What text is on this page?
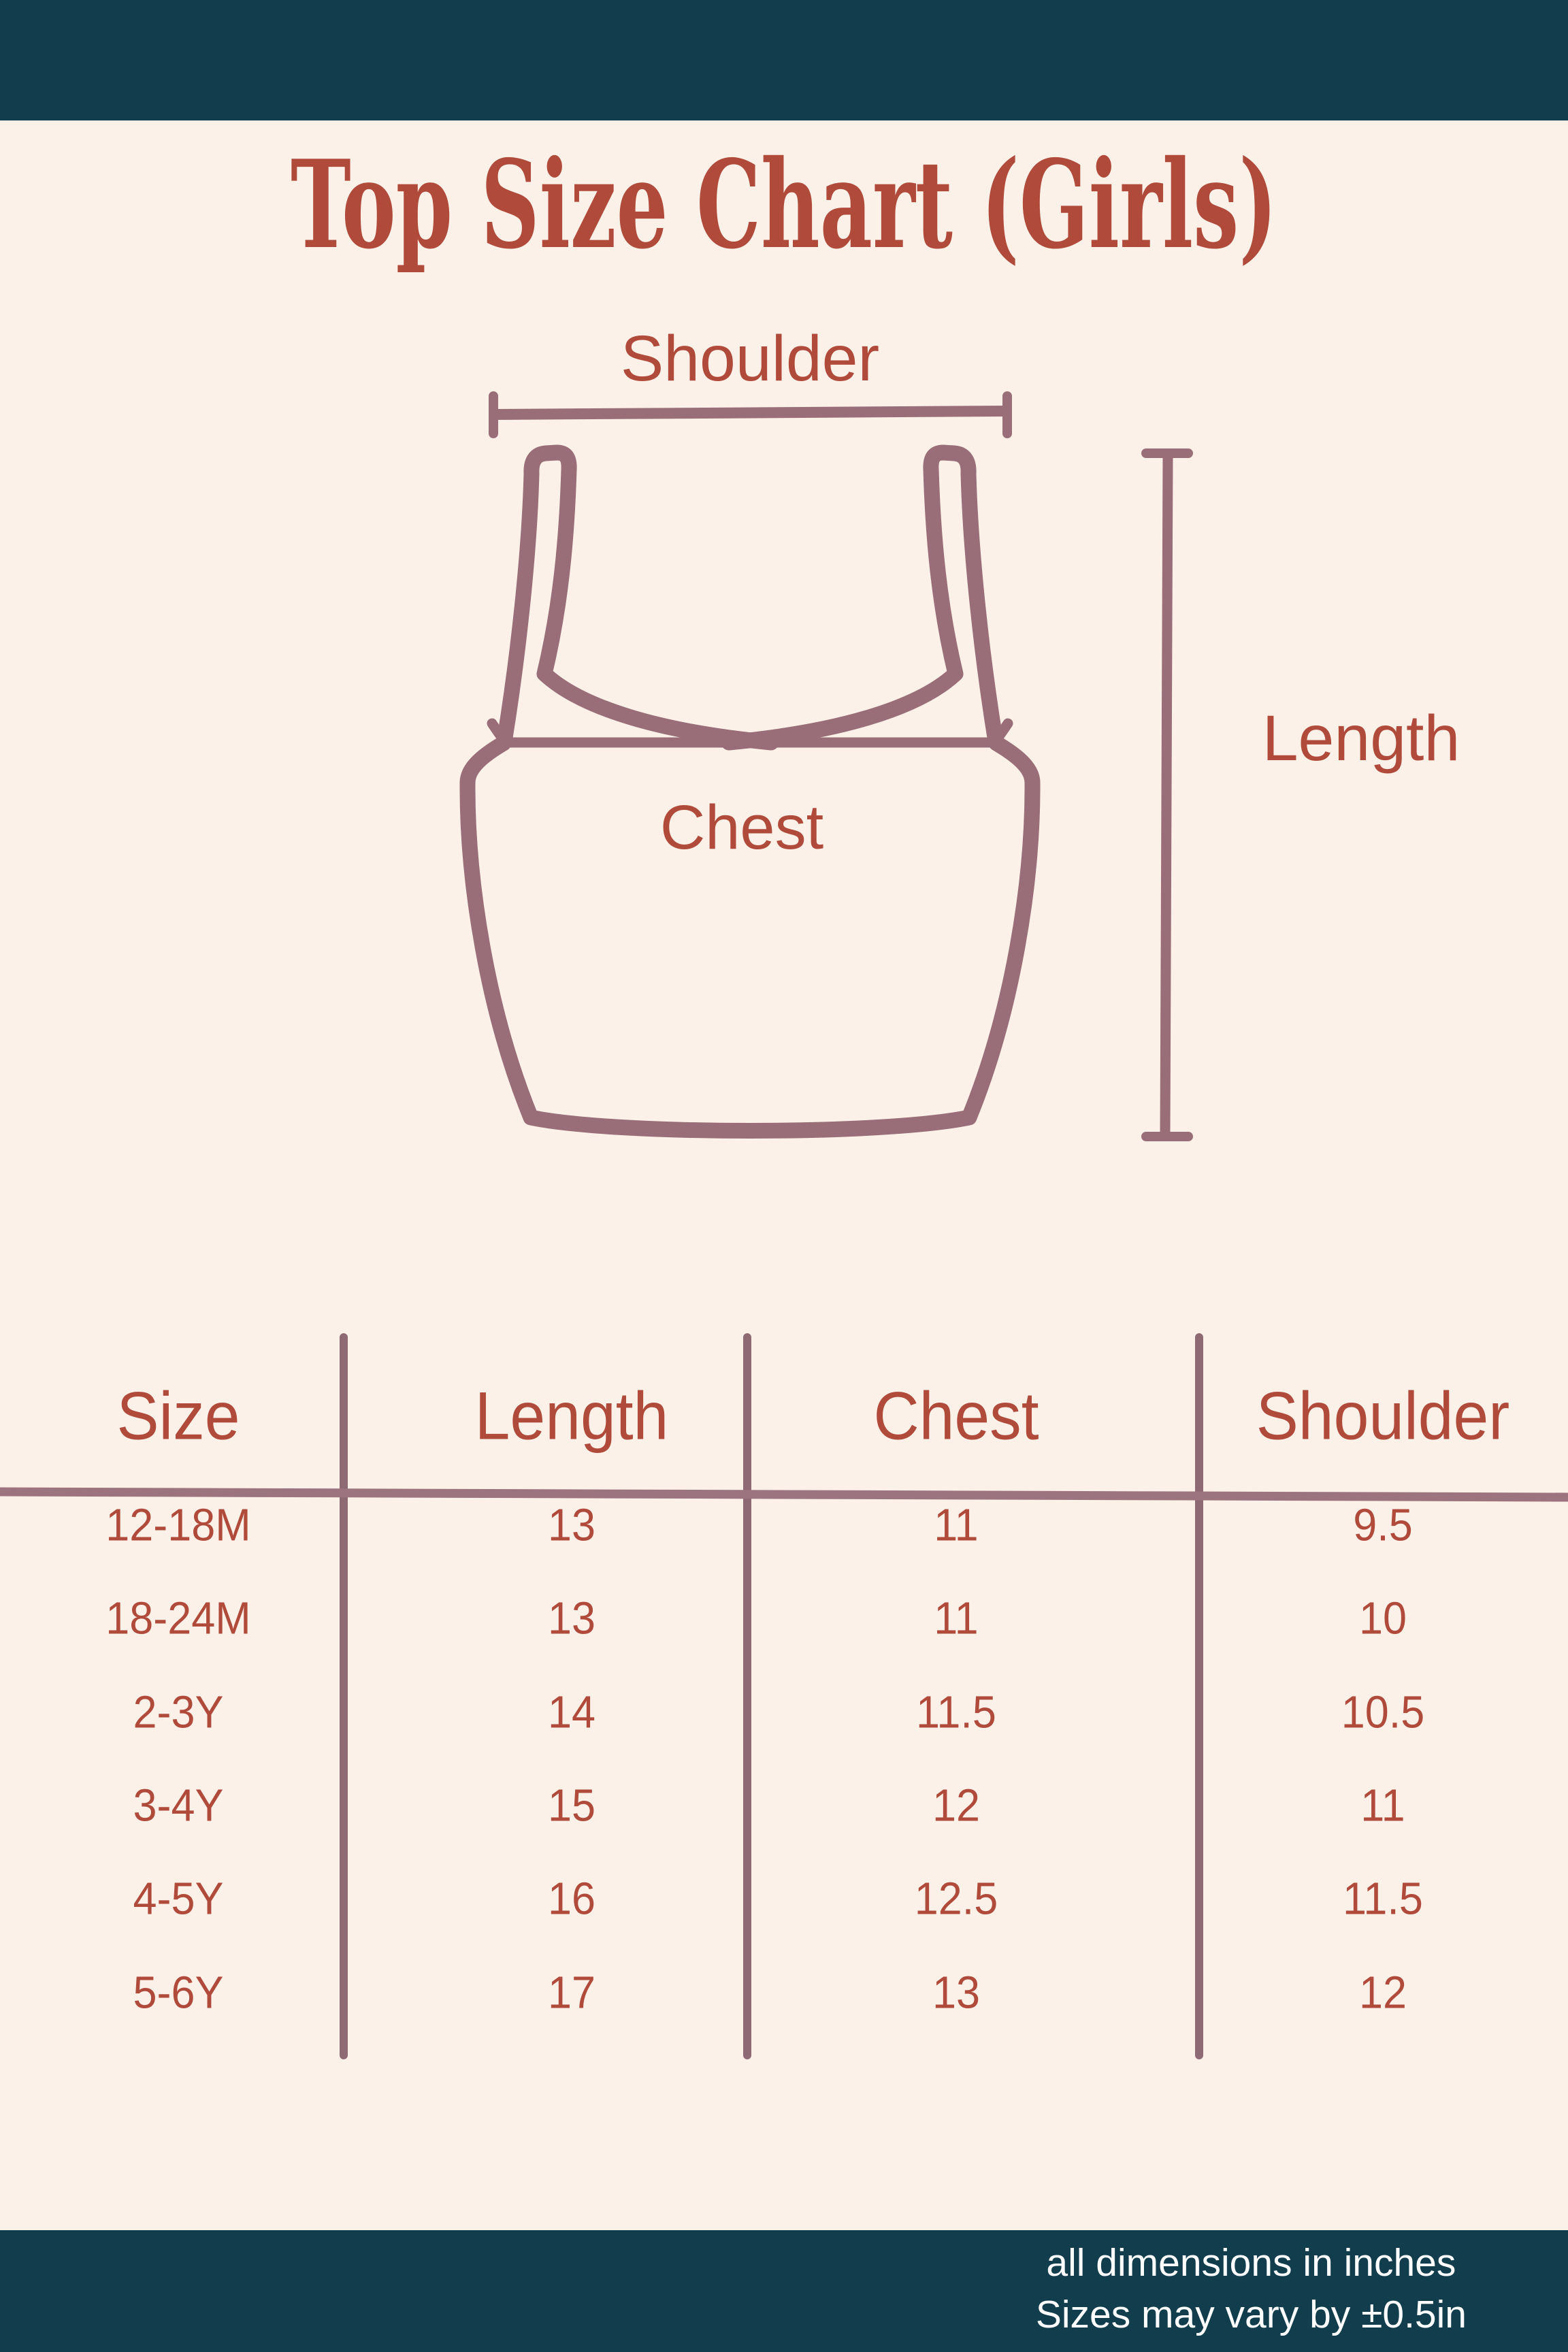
Top Size Chart (Girls)
Shoulder
Chest
Length
Size	Length	Chest	Shoulder
12-18M	13	11	9.5
18-24M	13	11	10
2-3Y	14	11.5	10.5
3-4Y	15	12	11
4-5Y	16	12.5	11.5
5-6Y	17	13	12
all dimensions in inches
Sizes may vary by ±0.5in
